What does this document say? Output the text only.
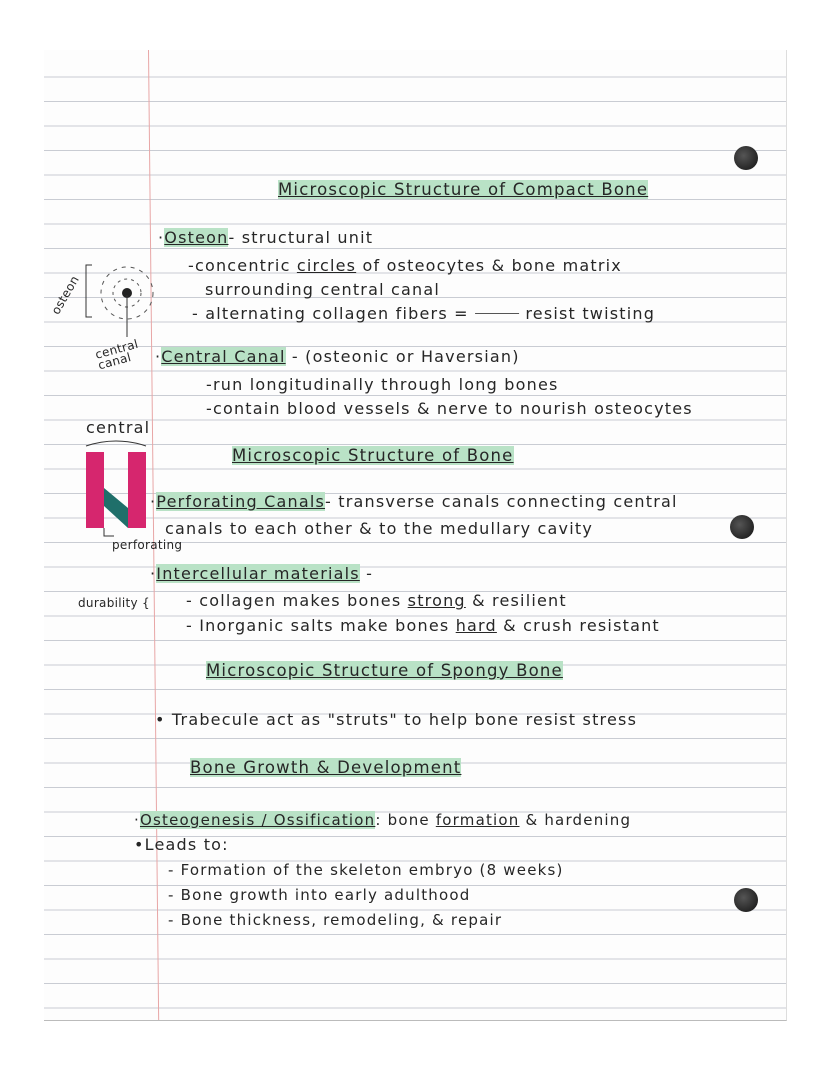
Microscopic Structure of Compact Bone
·Osteon- structural unit
-concentric circles of osteocytes & bone matrix
surrounding central canal
- alternating collagen fibers =	resist twisting
osteon
central canal	·Central Canal - (osteonic or Haversian)
-run longitudinally through long bones
-contain blood vessels & nerve to nourish osteocytes
Microscopic Structure of Bone
central
perforating
·Perforating Canals- transverse canals connecting central
canals to each other & to the medullary cavity
·Intercellular materials -
durability { - collagen makes bones strong & resilient
- Inorganic salts make bones hard & crush resistant
Microscopic Structure of Spongy Bone
• Trabecule act as "struts" to help bone resist stress
Bone Growth & Development
·Osteogenesis / Ossification: bone formation & hardening
•Leads to:
- Formation of the skeleton embryo (8 weeks)
- Bone growth into early adulthood
- Bone thickness, remodeling, & repair
